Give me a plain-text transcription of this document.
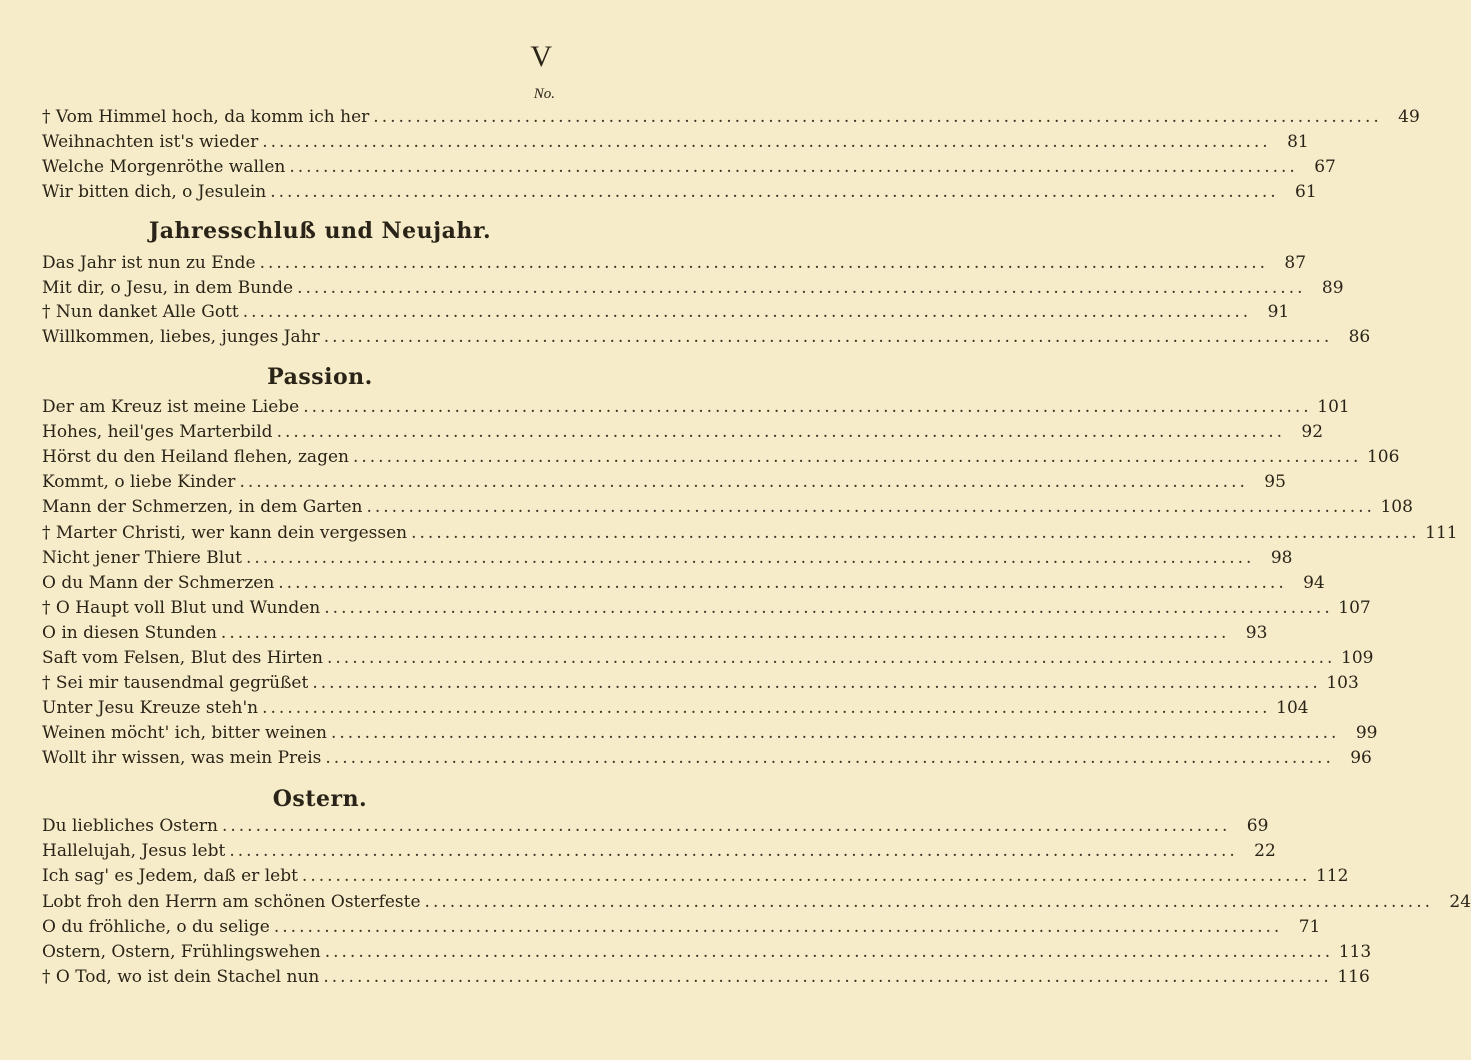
V
No.
† Vom Himmel hoch, da komm ich her ........................................................................................................................ 49
Weihnachten ist's wieder ........................................................................................................................ 81
Welche Morgenröthe wallen ........................................................................................................................ 67
Wir bitten dich, o Jesulein ........................................................................................................................ 61
Jahresschluß und Neujahr.
Das Jahr ist nun zu Ende ........................................................................................................................ 87
Mit dir, o Jesu, in dem Bunde ........................................................................................................................ 89
† Nun danket Alle Gott ........................................................................................................................ 91
Willkommen, liebes, junges Jahr ........................................................................................................................ 86
Passion.
Der am Kreuz ist meine Liebe ........................................................................................................................ 101
Hohes, heil'ges Marterbild ........................................................................................................................ 92
Hörst du den Heiland flehen, zagen ........................................................................................................................ 106
Kommt, o liebe Kinder ........................................................................................................................ 95
Mann der Schmerzen, in dem Garten ........................................................................................................................ 108
† Marter Christi, wer kann dein vergessen ........................................................................................................................ 111
Nicht jener Thiere Blut ........................................................................................................................ 98
O du Mann der Schmerzen ........................................................................................................................ 94
† O Haupt voll Blut und Wunden ........................................................................................................................ 107
O in diesen Stunden ........................................................................................................................ 93
Saft vom Felsen, Blut des Hirten ........................................................................................................................ 109
† Sei mir tausendmal gegrüßet ........................................................................................................................ 103
Unter Jesu Kreuze steh'n ........................................................................................................................ 104
Weinen möcht' ich, bitter weinen ........................................................................................................................ 99
Wollt ihr wissen, was mein Preis ........................................................................................................................ 96
Ostern.
Du liebliches Ostern ........................................................................................................................ 69
Hallelujah, Jesus lebt ........................................................................................................................ 22
Ich sag' es Jedem, daß er lebt ........................................................................................................................ 112
Lobt froh den Herrn am schönen Osterfeste ........................................................................................................................ 24
O du fröhliche, o du selige ........................................................................................................................ 71
Ostern, Ostern, Frühlingswehen ........................................................................................................................ 113
† O Tod, wo ist dein Stachel nun ........................................................................................................................ 116
